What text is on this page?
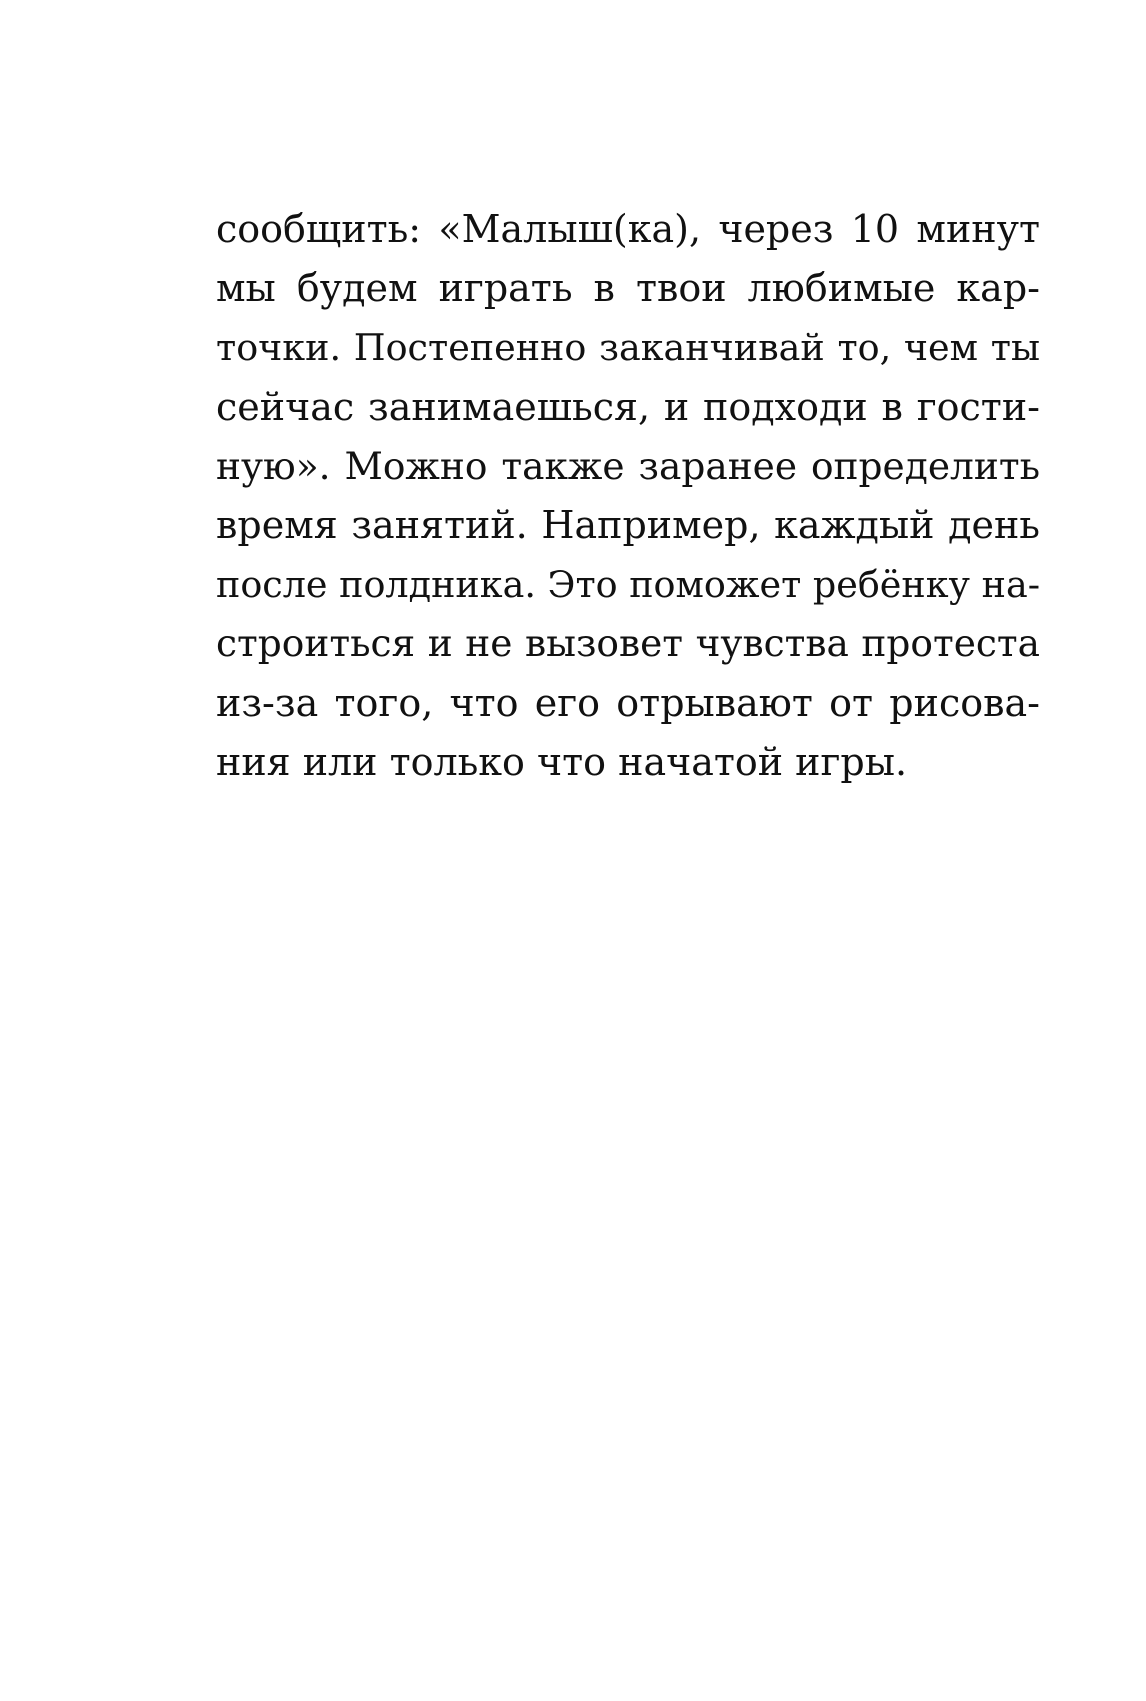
сообщить: «Малыш(ка), через 10 минут
мы будем играть в твои любимые кар-
точки. Постепенно заканчивай то, чем ты
сейчас занимаешься, и подходи в гости-
ную». Можно также заранее определить
время занятий. Например, каждый день
после полдника. Это поможет ребёнку на-
строиться и не вызовет чувства протеста
из-за того, что его отрывают от рисова-
ния или только что начатой игры.
